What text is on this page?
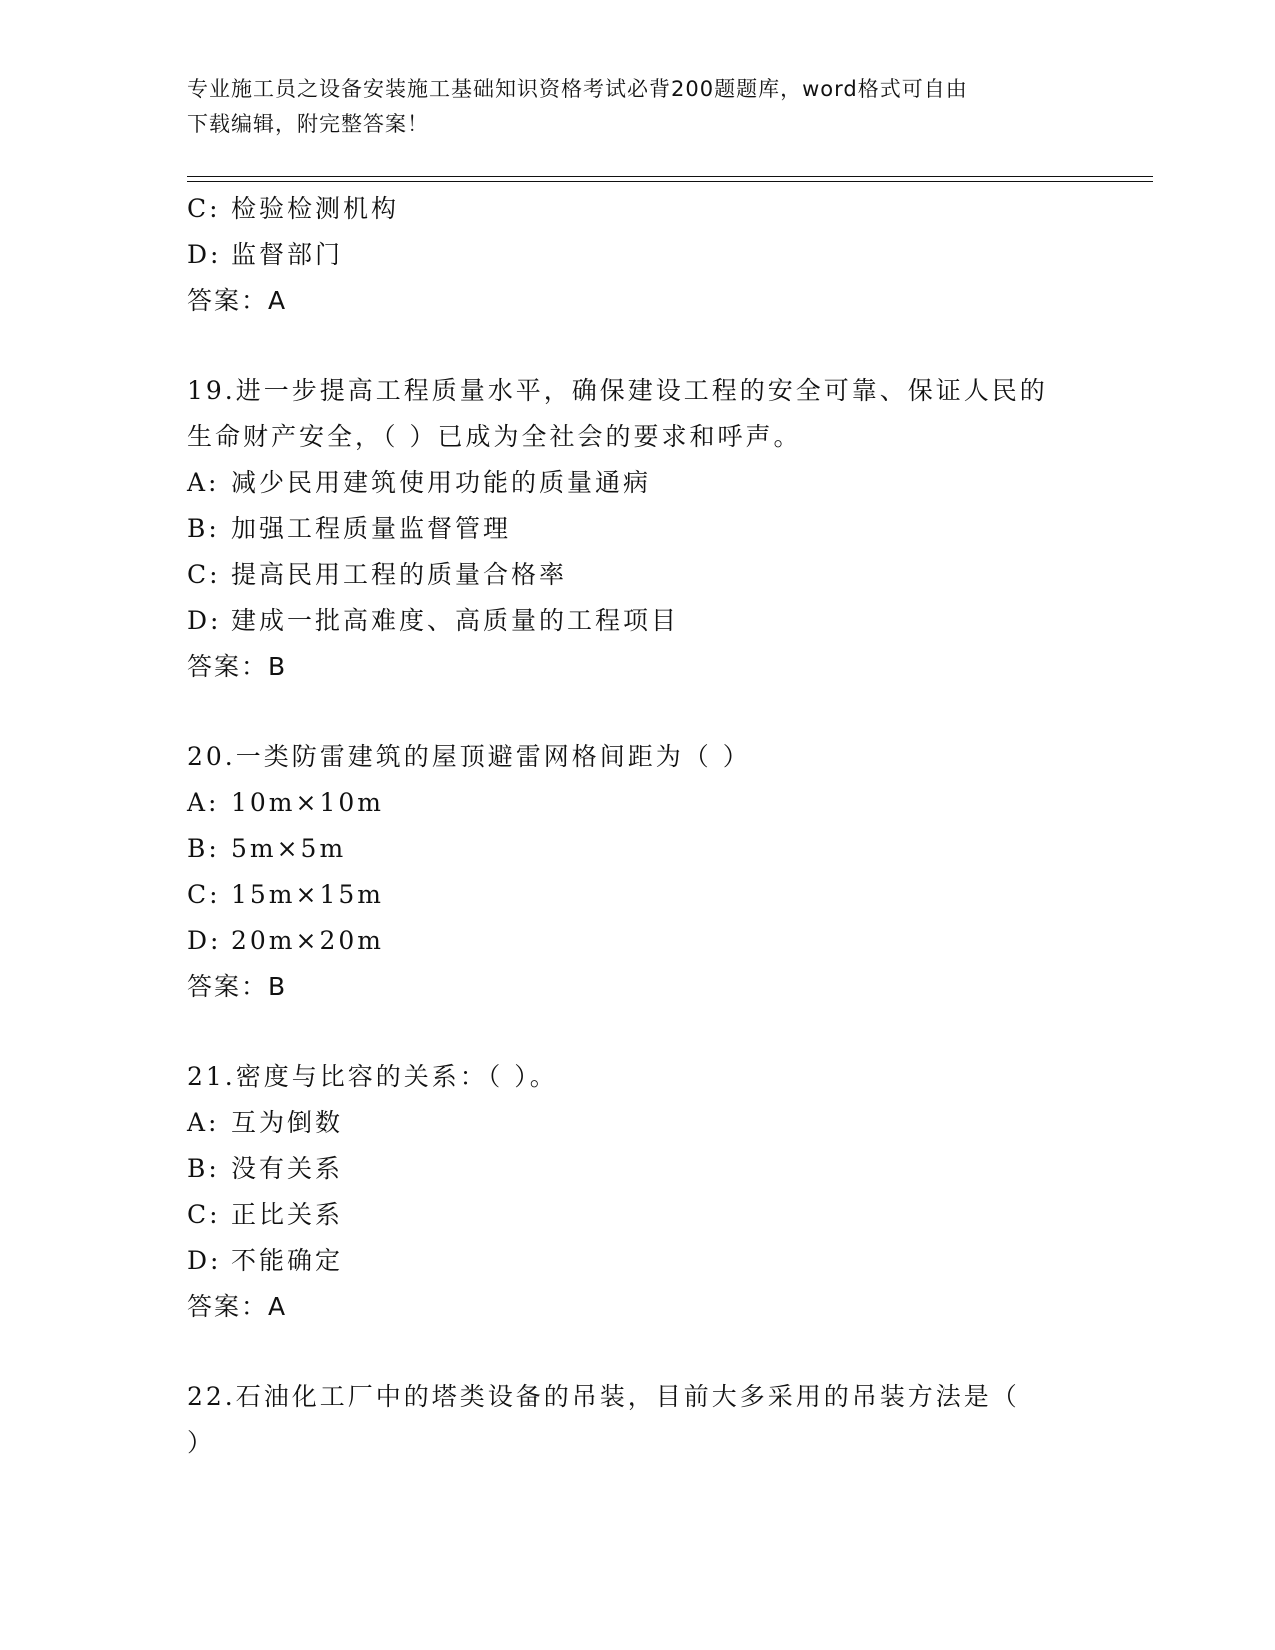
专业施工员之设备安装施工基础知识资格考试必背200题题库，word格式可自由
下载编辑，附完整答案！
C: 检验检测机构
D: 监督部门
答案：A
19.进一步提高工程质量水平，确保建设工程的安全可靠、保证人民的
生命财产安全，（ ）已成为全社会的要求和呼声。
A: 减少民用建筑使用功能的质量通病
B: 加强工程质量监督管理
C: 提高民用工程的质量合格率
D: 建成一批高难度、高质量的工程项目
答案：B
20.一类防雷建筑的屋顶避雷网格间距为（ ）
A: 10m×10m
B: 5m×5m
C: 15m×15m
D: 20m×20m
答案：B
21.密度与比容的关系：（ ）。
A: 互为倒数
B: 没有关系
C: 正比关系
D: 不能确定
答案：A
22.石油化工厂中的塔类设备的吊装，目前大多采用的吊装方法是（
）
